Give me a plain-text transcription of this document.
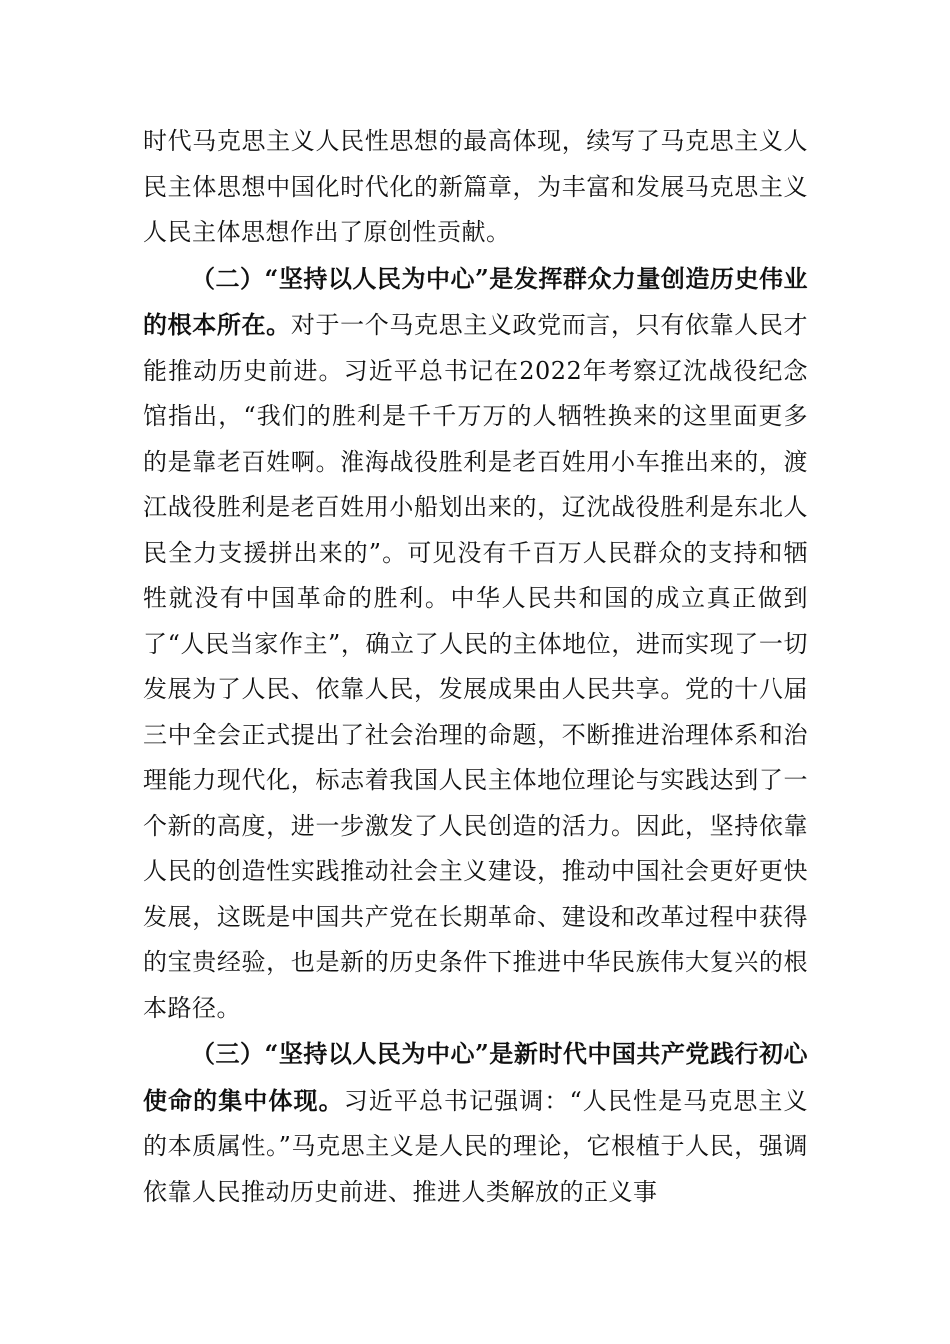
时代马克思主义人民性思想的最高体现，续写了马克思主义人民主体思想中国化时代化的新篇章，为丰富和发展马克思主义人民主体思想作出了原创性贡献。

（二）“坚持以人民为中心”是发挥群众力量创造历史伟业的根本所在。对于一个马克思主义政党而言，只有依靠人民才能推动历史前进。习近平总书记在2022年考察辽沈战役纪念馆指出，“我们的胜利是千千万万的人牺牲换来的这里面更多的是靠老百姓啊。淮海战役胜利是老百姓用小车推出来的，渡江战役胜利是老百姓用小船划出来的，辽沈战役胜利是东北人民全力支援拼出来的”。可见没有千百万人民群众的支持和牺牲就没有中国革命的胜利。中华人民共和国的成立真正做到了“人民当家作主”，确立了人民的主体地位，进而实现了一切发展为了人民、依靠人民，发展成果由人民共享。党的十八届三中全会正式提出了社会治理的命题，不断推进治理体系和治理能力现代化，标志着我国人民主体地位理论与实践达到了一个新的高度，进一步激发了人民创造的活力。因此，坚持依靠人民的创造性实践推动社会主义建设，推动中国社会更好更快发展，这既是中国共产党在长期革命、建设和改革过程中获得的宝贵经验，也是新的历史条件下推进中华民族伟大复兴的根本路径。

（三）“坚持以人民为中心”是新时代中国共产党践行初心使命的集中体现。习近平总书记强调：“人民性是马克思主义的本质属性。”马克思主义是人民的理论，它根植于人民，强调依靠人民推动历史前进、推进人类解放的正义事
